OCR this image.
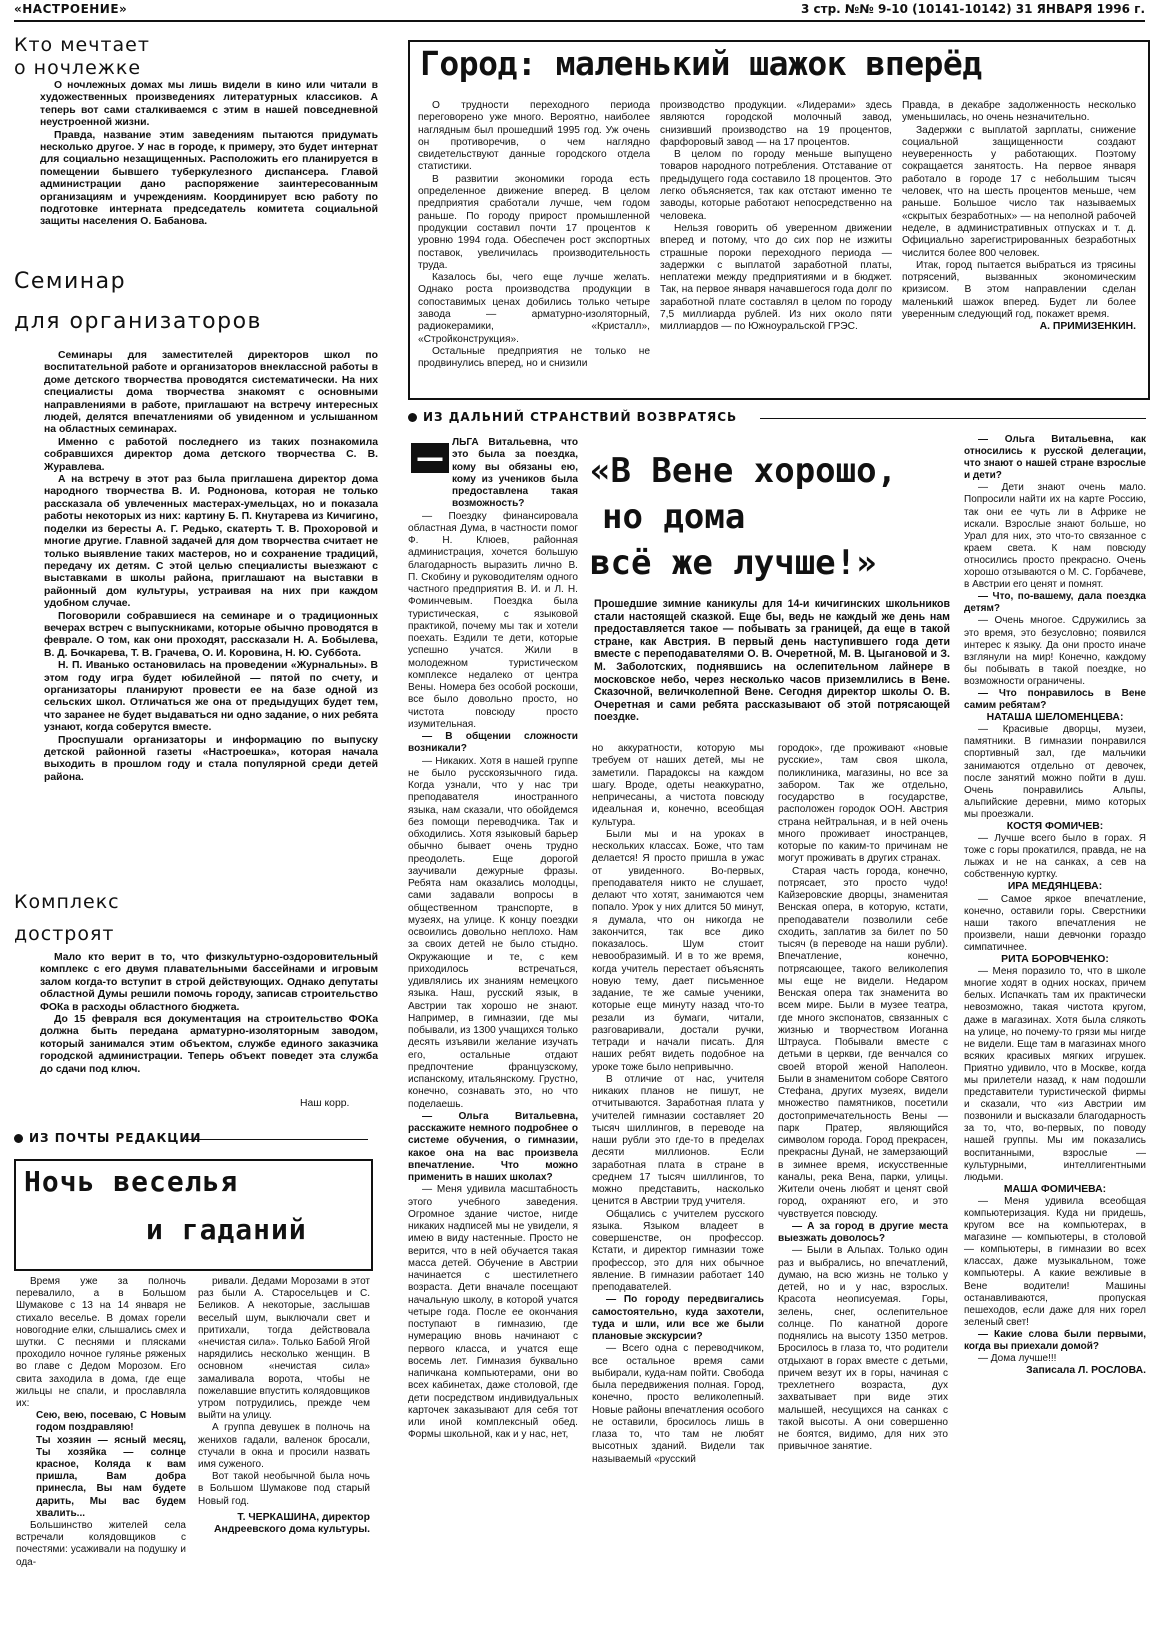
«НАСТРОЕНИЕ»	3 стр. №№ 9-10 (10141-10142) 31 ЯНВАРЯ 1996 г.
Кто мечтает
о ночлежке

О ночлежных домах мы лишь видели в кино или читали в художественных произведениях литературных классиков. А теперь вот сами сталкиваемся с этим в нашей повседневной неустроенной жизни.

Правда, название этим заведениям пытаются придумать несколько другое. У нас в городе, к примеру, это будет интернат для социально незащищенных. Расположить его планируется в помещении бывшего туберкулезного диспансера. Главой администрации дано распоряжение заинтересованным организациям и учреждениям. Координирует всю работу по подготовке интерната председатель комитета социальной защиты населения О. Бабанова.

Семинар
для организаторов

Семинары для заместителей директоров школ по воспитательной работе и организаторов внеклассной работы в доме детского творчества проводятся систематически. На них специалисты дома творчества знакомят с основными направлениями в работе, приглашают на встречу интересных людей, делятся впечатлениями об увиденном и услышанном на областных семинарах.

Именно с работой последнего из таких познакомила собравшихся директор дома детского творчества С. В. Журавлева.

А на встречу в этот раз была приглашена директор дома народного творчества В. И. Роднонова, которая не только рассказала об увлеченных мастерах-умельцах, но и показала работы некоторых из них: картину Б. П. Кнутарева из Кичигино, поделки из бересты А. Г. Редько, скатерть Т. В. Прохоровой и многие другие. Главной задачей для дом творчества считает не только выявление таких мастеров, но и сохранение традиций, передачу их детям. С этой целью специалисты выезжают с выставками в школы района, приглашают на выставки в районный дом культуры, устраивая на них при каждом удобном случае.

Поговорили собравшиеся на семинаре и о традиционных вечерах встреч с выпускниками, которые обычно проводятся в феврале. О том, как они проходят, рассказали Н. А. Бобылева, В. Д. Бочкарева, Т. В. Грачева, О. И. Коровина, Н. Ю. Субботa.

Н. П. Иванько остановилась на проведении «Журнальны». В этом году игра будет юбилейной — пятой по счету, и организаторы планируют провести ее на базе одной из сельских школ. Отличаться же она от предыдущих будет тем, что заранее не будет выдаваться ни одно задание, о них ребята узнают, когда соберутся вместе.

Проспушали организаторы и информацию по выпуску детской районной газеты «Настроешка», которая начала выходить в прошлом году и стала популярной среди детей района.

Комплекс
дострoят

Мало кто верит в то, что физкультурно-оздоровительный комплекс с его двумя плавательными бассейнами и игровым залом когда-то вступит в строй действующих. Однако депутаты областной Думы решили помочь городу, записав строительство ФОКа в расходы областного бюджета.

До 15 февраля вся документация на строительство ФОКа должна быть передана арматурно-изоляторным заводом, который занимался этим объектом, службе единого заказчика городской администрации. Теперь объект поведет эта служба до сдачи под ключ.

Наш корр.
ИЗ ПОЧТЫ РЕДАКЦИИ
Ночь веселья
и гаданий

Время уже за полночь перевалило, а в Большом Шумакове с 13 на 14 января не стихало веселье. В домах горели новогодние елки, слышались смех и шутки. С песнями и плясками проходило ночное гулянье ряженых во главе с Дедом Морозом. Его свита заходила в дома, где еще жильцы не спали, и прославляла их:

Сею, вею, посеваю, С Новым годом поздравляю!

Ты хозяин — ясный месяц, Ты хозяйка — солнце красное, Коляда к вам пришла, Вам добра принесла, Вы нам будете дарить, Мы вас будем хвалить...

Большинство жителей села встречали колядовщиков с почестями: усаживали на подушку и ода-

ривали. Дедами Морозами в этот раз были А. Старосельцев и С. Беликов. А некоторые, заслышав веселый шум, выключали свет и притихали, тогда действовала «нечистая сила». Только Бабой Ягой нарядились несколько женщин. В основном «нечистая сила» замаливала ворота, чтобы не пожелавшие впустить колядовщиков утром потрудились, прежде чем выйти на улицу.

А группа девушек в полночь на женихов гадали, валенок бросали, стучали в окна и просили назвать имя суженого.

Вот такой необычной была ночь в Большом Шумакове под старый Новый год.

Т. ЧЕРКАШИНА, директор Андреевского дома культуры.
Город: маленький шажок вперёд

О трудности переходного периода переговорено уже много. Вероятно, наиболее наглядным был прошедший 1995 год. Уж очень он противоречив, о чем наглядно свидетельствуют данные городского отдела статистики.

В развитии экономики города есть определенное движение вперед. В целом предприятия сработали лучше, чем годом раньше. По городу прирост промышленной продукции составил почти 17 процентов к уровню 1994 года. Обеспечен рост экспортных поставок, увеличилась производительность труда.

Казалось бы, чего еще лучше желать. Однако роста производства продукции в сопоставимых ценах добились только четыре завода — арматурно-изоляторный, радиокерамики, «Кристалл», «Стройконструкция».

Остальные предприятия не только не продвинулись вперед, но и снизили

производство продукции. «Лидерами» здесь являются городской молочный завод, снизивший производство на 19 процентов, фарфоровый завод — на 17 процентов.

В целом по городу меньше выпущено товаров народного потребления. Отставание от предыдущего года составило 18 процентов. Это легко объясняется, так как отстают именно те заводы, которые работают непосредственно на человека.

Нельзя говорить об уверенном движении вперед и потому, что до сих пор не изжиты страшные пороки переходного периода — задержки с выплатой заработной платы, неплатежи между предприятиями и в бюджет. Так, на первое января начавшегося года долг по заработной плате составлял в целом по городу 7,5 миллиарда рублей. Из них около пяти миллиардов — по Южноуральской ГРЭС.

Правда, в декабре задолженность несколько уменьшилась, но очень незначительно.

Задержки с выплатой зарплаты, снижение социальной защищенности создают неуверенность у работающих. Поэтому сокращается занятость. На первое января работало в городе 17 с небольшим тысяч человек, что на шесть процентов меньше, чем раньше. Большое число так называемых «скрытых безработных» — на неполной рабочей неделе, в административных отпусках и т. д. Официально зарегистрированных безработных числится более 800 человек.

Итак, город пытается выбраться из трясины потрясений, вызванных экономическим кризисом. В этом направлении сделан маленький шажок вперед. Будет ли более уверенным следующий год, покажет время.

А. ПРИМИЗЕНКИН.
ИЗ ДАЛЬНИЙ СТРАНСТВИЙ ВОЗВРАТЯСЬ
—О	«В Вене хорошо,
но дома
всё же лучше!»
Прошедшие зимние каникулы для 14-и кичигинских школьников стали настоящей сказкой. Еще бы, ведь не каждый же день нам предоставляется такое — побывать за границей, да еще в такой стране, как Австрия. В первый день наступившего года дети вместе с переподавателями О. В. Очеретной, М. В. Цыгановой и З. М. Заболотских, поднявшись на ослепительном лайнере в московское небо, через несколько часов приземлились в Вене. Сказочной, величколепной Вене. Сегодня директор школы О. В. Очеретная и сами ребята рассказывают об этой потрясающей поездке.

ЛЬГА Витальевна, что это была за поездка, кому вы обязаны ею, кому из учеников была предоставлена такая возможность?

— Поездку финансировала областная Дума, в частности помог Ф. Н. Клюев, районная администрация, хочется большую благодарность выразить лично В. П. Скобину и руководителям одного частного предприятия В. И. и Л. Н. Фоминчевым. Поездка была туристическая, с языковой практикой, почему мы так и хотели поехать. Ездили те дети, которые успешно учатся. Жили в молодежном туристическом комплексе недалеко от центра Вены. Номера без особой роскоши, все было довольно просто, но чистота повсюду просто изумительная.

— В общении сложности возникали?

— Никаких. Хотя в нашей группе не было русскоязычного гида. Когда узнали, что у нас три преподавателя иностранного языка, нам сказали, что обойдемся без помощи переводчика. Так и обходились. Хотя языковый барьер обычно бывает очень трудно преодолеть. Еще дорогой заучивали дежурные фразы. Ребята нам оказались молодцы, сами задавали вопросы в общественном транспорте, в музеях, на улице. К концу поездки освоились довольно неплохо. Нам за своих детей не было стыдно. Окружающие и те, с кем приходилось встречаться, удивлялись их знаниям немецкого языка. Наш, русский язык, в Австрии так хорошо не знают. Например, в гимназии, где мы побывали, из 1300 учащихся только десять изъявили желание изучать его, остальные отдают предпочтение французскому, испанскому, итальянскому. Грустно, конечно, сознавать это, но что поделаешь.

— Ольга Витальевна, расскажите немного подробнее о системе обучения, о гимназии, какое она на вас произвела впечатление. Что можно применить в наших школах?

— Меня удивила масштабность этого учебного заведения. Огромное здание чистое, нигде никаких надписей мы не увидели, я имею в виду настенные. Просто не верится, что в ней обучается такая масса детей. Обучение в Австрии начинается с шестилетнего возраста. Дети вначале посещают начальную школу, в которой учатся четыре года. После ее окончания поступают в гимназию, где нумерацию вновь начинают с первого класса, и учатся еще восемь лет. Гимназия буквально напичкана компьютерами, они во всех кабинетах, даже столовой, где дети посредством индивидуальных карточек заказывают для себя тот или иной комплексный обед. Формы школьной, как и у нас, нет,

но аккуратности, которую мы требуем от наших детей, мы не заметили. Парадоксы на каждом шагу. Вроде, одеты неаккуратно, непричесаны, а чистота повсюду идеальная и, конечно, всеобщая культура.

Были мы и на уроках в нескольких классах. Боже, что там делается! Я просто пришла в ужас от увиденного. Во-первых, преподавателя никто не слушает, делают что хотят, занимаются чем попало. Урок у них длится 50 минут, я думала, что он никогда не закончится, так все дико показалось. Шум стоит невообразимый. И в то же время, когда учитель перестает объяснять новую тему, дает письменное задание, те же самые ученики, которые еще минуту назад что-то резали из бумаги, читали, разговаривали, достали ручки, тетради и начали писать. Для наших ребят видеть подобное на уроке тоже было непривычно.

В отличие от нас, учителя никаких планов не пишут, не отчитываются. Заработная плата у учителей гимназии составляет 20 тысяч шиллингов, в переводе на наши рубли это где-то в пределах десяти миллионов. Если заработная плата в стране в среднем 17 тысяч шиллингов, то можно представить, насколько ценится в Австрии труд учителя.

Общались с учителем русского языка. Языком владеет в совершенстве, он профессор. Кстати, и директор гимназии тоже профессор, это для них обычное явление. В гимназии работает 140 преподавателей.

— По городу передвигались самостоятельно, куда захотели, туда и шли, или все же были плановые экскурсии?

— Всего одна с переводчиком, все остальное время сами выбирали, куда-нам пойти. Свобода была передвижения полная. Город, конечно, просто великолепный. Новые районы впечатления особого не оставили, бросилось лишь в глаза то, что там не любят высотных зданий. Видели так называемый «русский

городок», где проживают «новые русские», там своя школа, поликлиника, магазины, но все за забором. Так же отдельно, государство в государстве, расположен городок ООН. Австрия страна нейтральная, и в ней очень много проживает иностранцев, которые по каким-то причинам не могут проживать в других странах.

Старая часть города, конечно, потрясает, это просто чудо! Кайзеровские дворцы, знаменитая Венская опера, в которую, кстати, преподаватели позволили себе сходить, заплатив за билет по 50 тысяч (в переводе на наши рубли). Впечатление, конечно, потрясающее, такого великолепия мы еще не видели. Недаром Венская опера так знаменита во всем мире. Были в музее театра, где много экспонатов, связанных с жизнью и творчеством Иоганна Штрауса. Побывали вместе с детьми в церкви, где венчался со своей второй женой Наполеон. Были в знаменитом соборе Святого Стефана, других музеях, видели множество памятников, посетили достопримечательность Вены — парк Пратер, являющийся символом города. Город прекрасен, прекрасны Дунай, не замерзающий в зимнее время, искусственные каналы, река Вена, парки, улицы. Жители очень любят и ценят свой город, охраняют его, и это чувствуется повсюду.

— А за город в другие места выезжать доволось?

— Были в Альпах. Только один раз и выбрались, но впечатлений, думаю, на всю жизнь не только у детей, но и у нас, взрослых. Красота неописуемая. Горы, зелень, снег, ослепительное солнце. По канатной дороге поднялись на высоту 1350 метров. Бросилось в глаза то, что родители отдыхают в горах вместе с детьми, причем везут их в горы, начиная с трехлетнего возраста, дух захватывает при виде этих малышей, несущихся на санках с такой высоты. А они совершенно не боятся, видимо, для них это привычное занятие.

— Ольга Витальевна, как относились к русской делегации, что знают о нашей стране взрослые и дети?

— Дети знают очень мало. Попросили найти их на карте Россию, так они ее чуть ли в Африке не искали. Взрослые знают больше, но Урал для них, это что-то связанное с краем света. К нам повсюду относились просто прекрасно. Очень хорошо отзываются о М. С. Горбачеве, в Австрии его ценят и помнят.

— Что, по-вашему, дала поездка детям?

— Очень многое. Сдружились за это время, это безусловно; появился интерес к языку. Да они просто иначе взглянули на мир! Конечно, каждому бы побывать в такой поездке, но возможности ограничены.

— Что понравилось в Вене самим ребятам?

НАТАША ШЕЛОМЕНЦЕВА:

— Красивые дворцы, музеи, памятники. В гимназии понравился спортивный зал, где мальчики занимаются отдельно от девочек, после занятий можно пойти в душ. Очень понравились Альпы, альпийские деревни, мимо которых мы проезжали.

КОСТЯ ФОМИЧЕВ:

— Лучше всего было в горах. Я тоже с горы прокатился, правда, не на лыжах и не на санках, а сев на собственную куртку.

ИРА МЕДЯНЦЕВА:

— Самое яркое впечатление, конечно, оставили горы. Сверстники наши такого впечатления не произвели, наши девчонки гораздо симпатичнее.

РИТА БОРОВЧЕНКО:

— Меня поразило то, что в школе многие ходят в одних носках, причем белых. Испачкать там их практически невозможно, такая чистота кругом, даже в магазинах. Хотя была слякоть на улице, но почему-то грязи мы нигде не видели. Еще там в магазинах много всяких красивых мягких игрушек. Приятно удивило, что в Москве, когда мы прилетели назад, к нам подошли представители туристической фирмы и сказали, что «из Австрии им позвонили и высказали благодарность за то, что, во-первых, по поводу нашей группы. Мы им показались воспитанными, взрослые — культурными, интеллигентными людьми.

МАША ФОМИЧЕВА:

— Меня удивила всеобщая компьютеризация. Куда ни придешь, кругом все на компьютерах, в магазине — компьютеры, в столовой — компьютеры, в гимназии во всех классах, даже музыкальном, тоже компьютеры. А какие вежливые в Вене водители! Машины останавливаются, пропуская пешеходов, если даже для них горел зеленый свет!

— Какие слова были первыми, когда вы приехали домой?

— Дома лучше!!!

Записала Л. РОСЛОВА.
